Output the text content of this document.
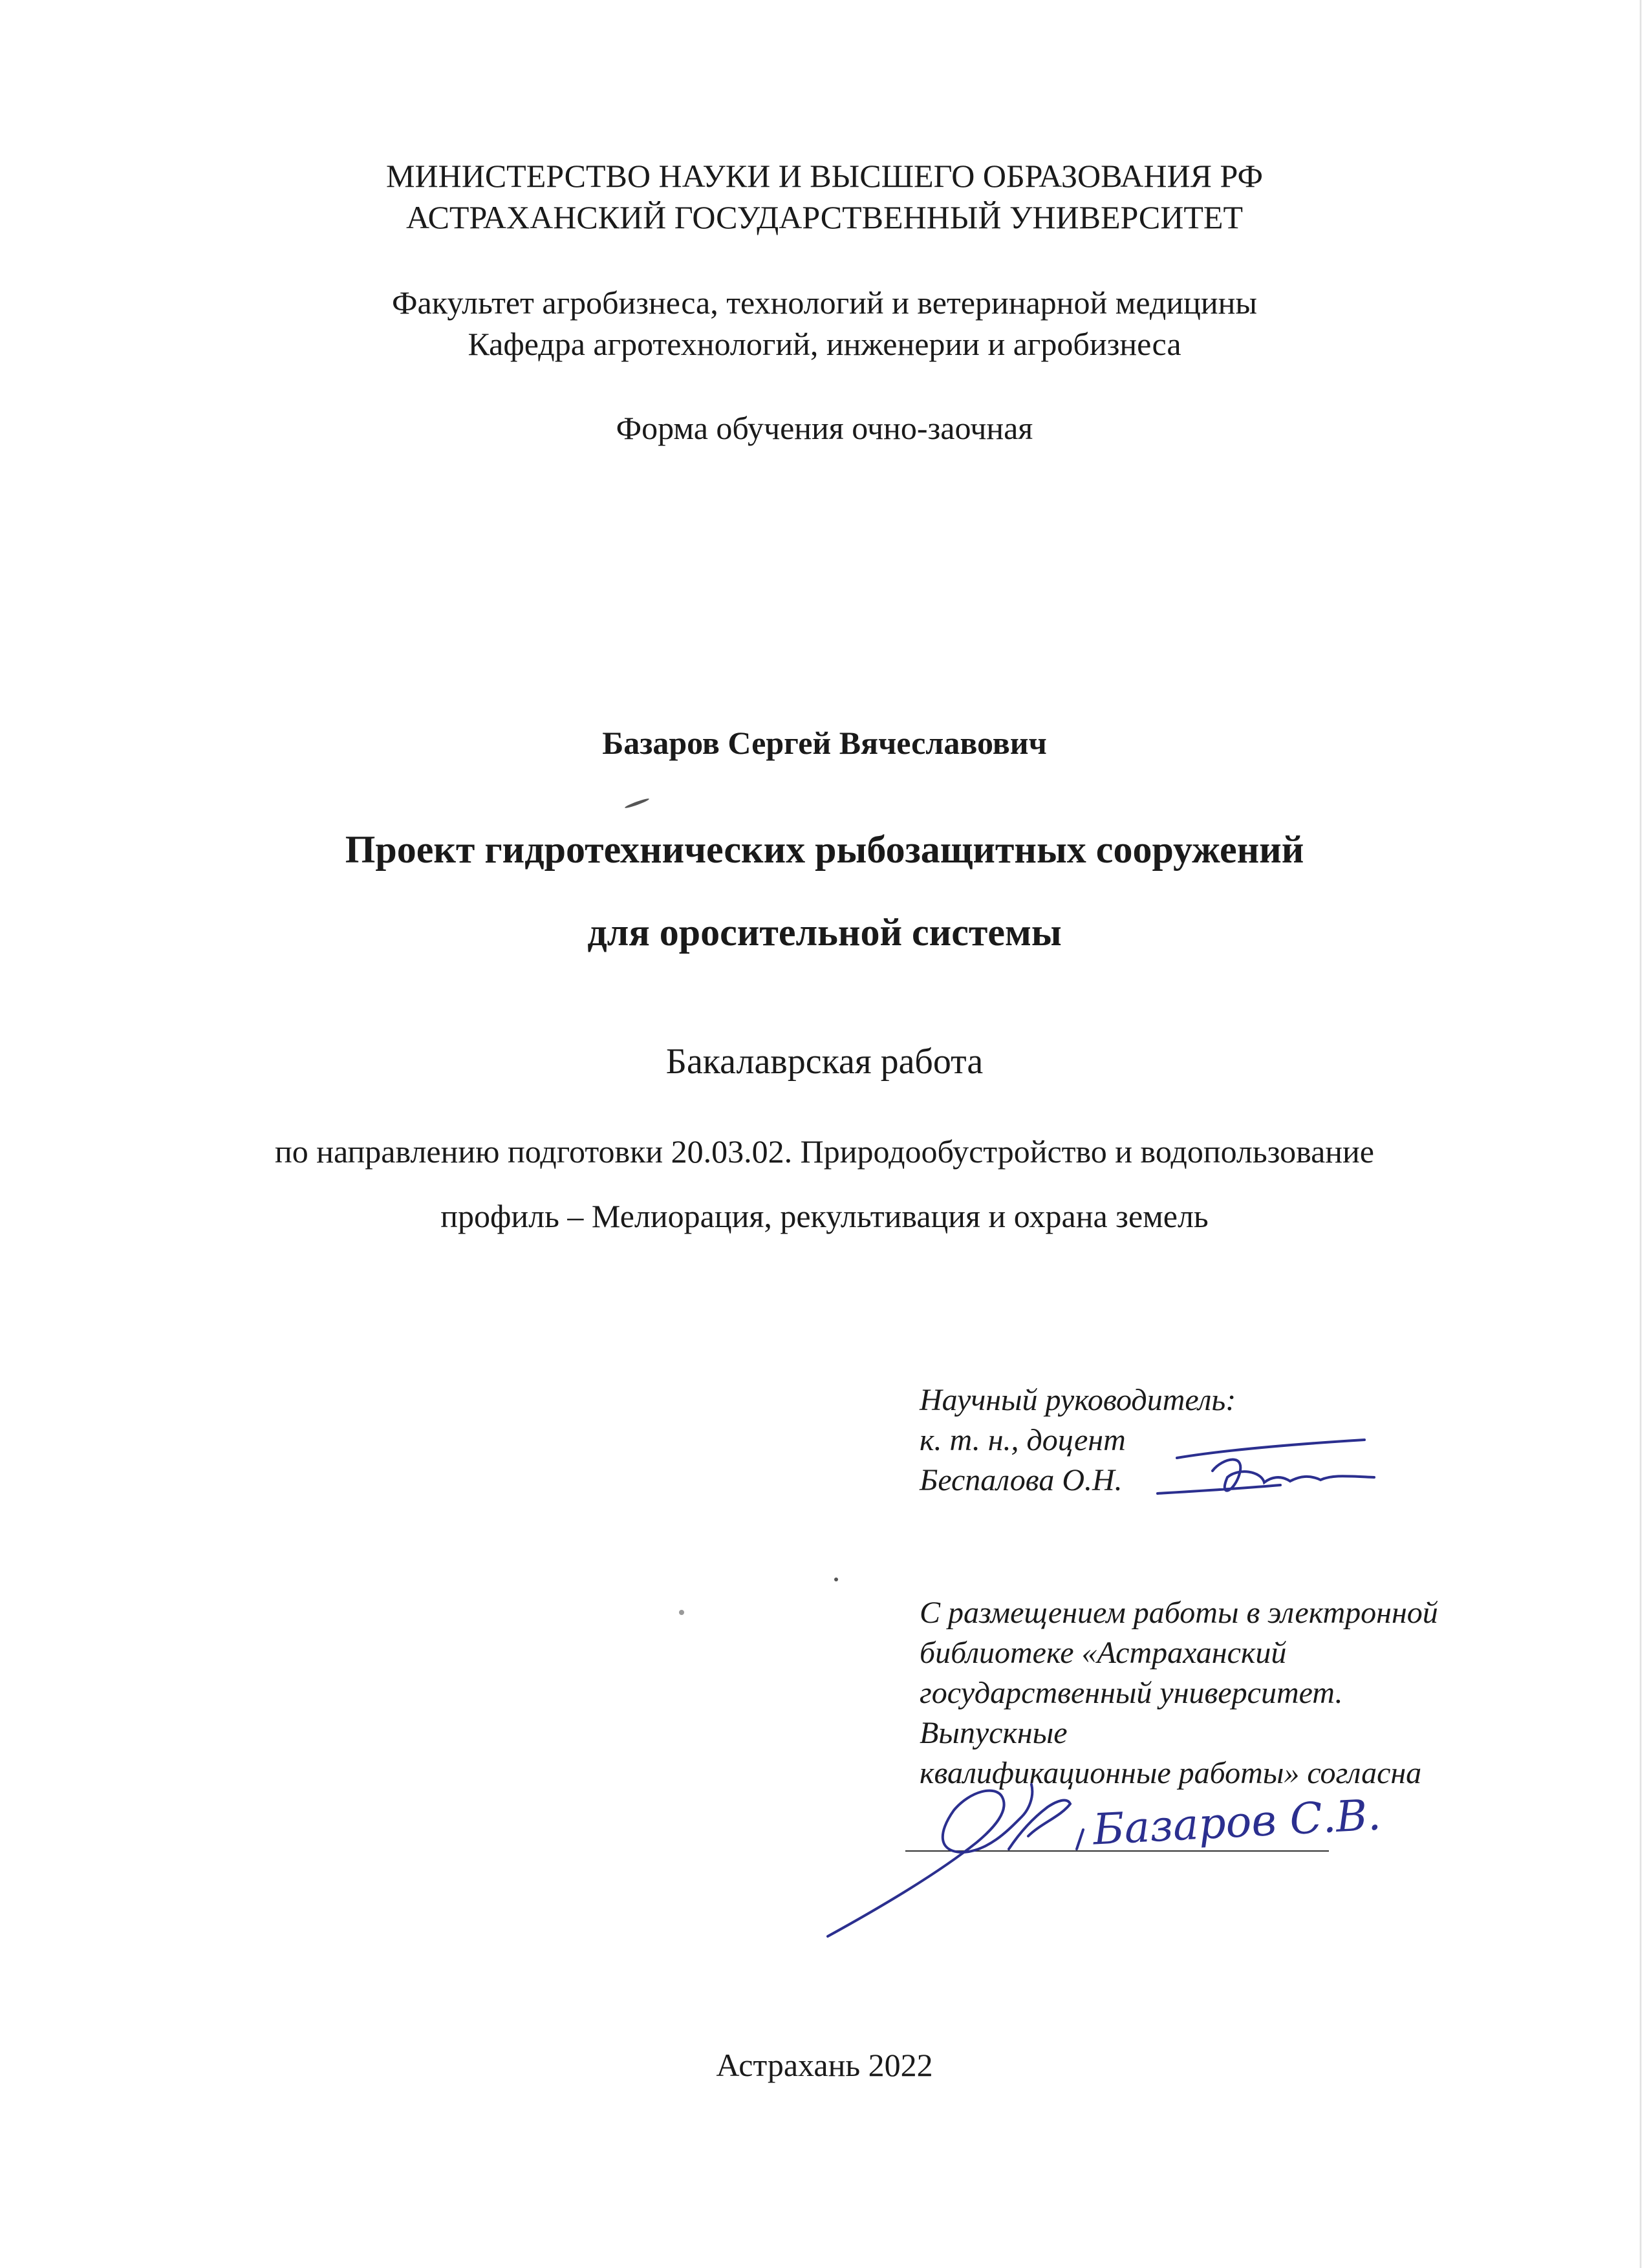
МИНИСТЕРСТВО НАУКИ И ВЫСШЕГО ОБРАЗОВАНИЯ РФ
АСТРАХАНСКИЙ ГОСУДАРСТВЕННЫЙ УНИВЕРСИТЕТ
Факультет агробизнеса, технологий и ветеринарной медицины
Кафедра агротехнологий, инженерии и агробизнеса
Форма обучения очно-заочная
Базаров Сергей Вячеславович
Проект гидротехнических рыбозащитных сооружений
для оросительной системы
Бакалаврская работа
по направлению подготовки 20.03.02. Природообустройство и водопользование
профиль – Мелиорация, рекультивация и охрана земель
Научный руководитель:
к. т. н., доцент
Беспалова О.Н.
С размещением работы в электронной
библиотеке «Астраханский
государственный университет.
Выпускные
квалификационные работы» согласна
Базаров С.В.
Астрахань 2022
